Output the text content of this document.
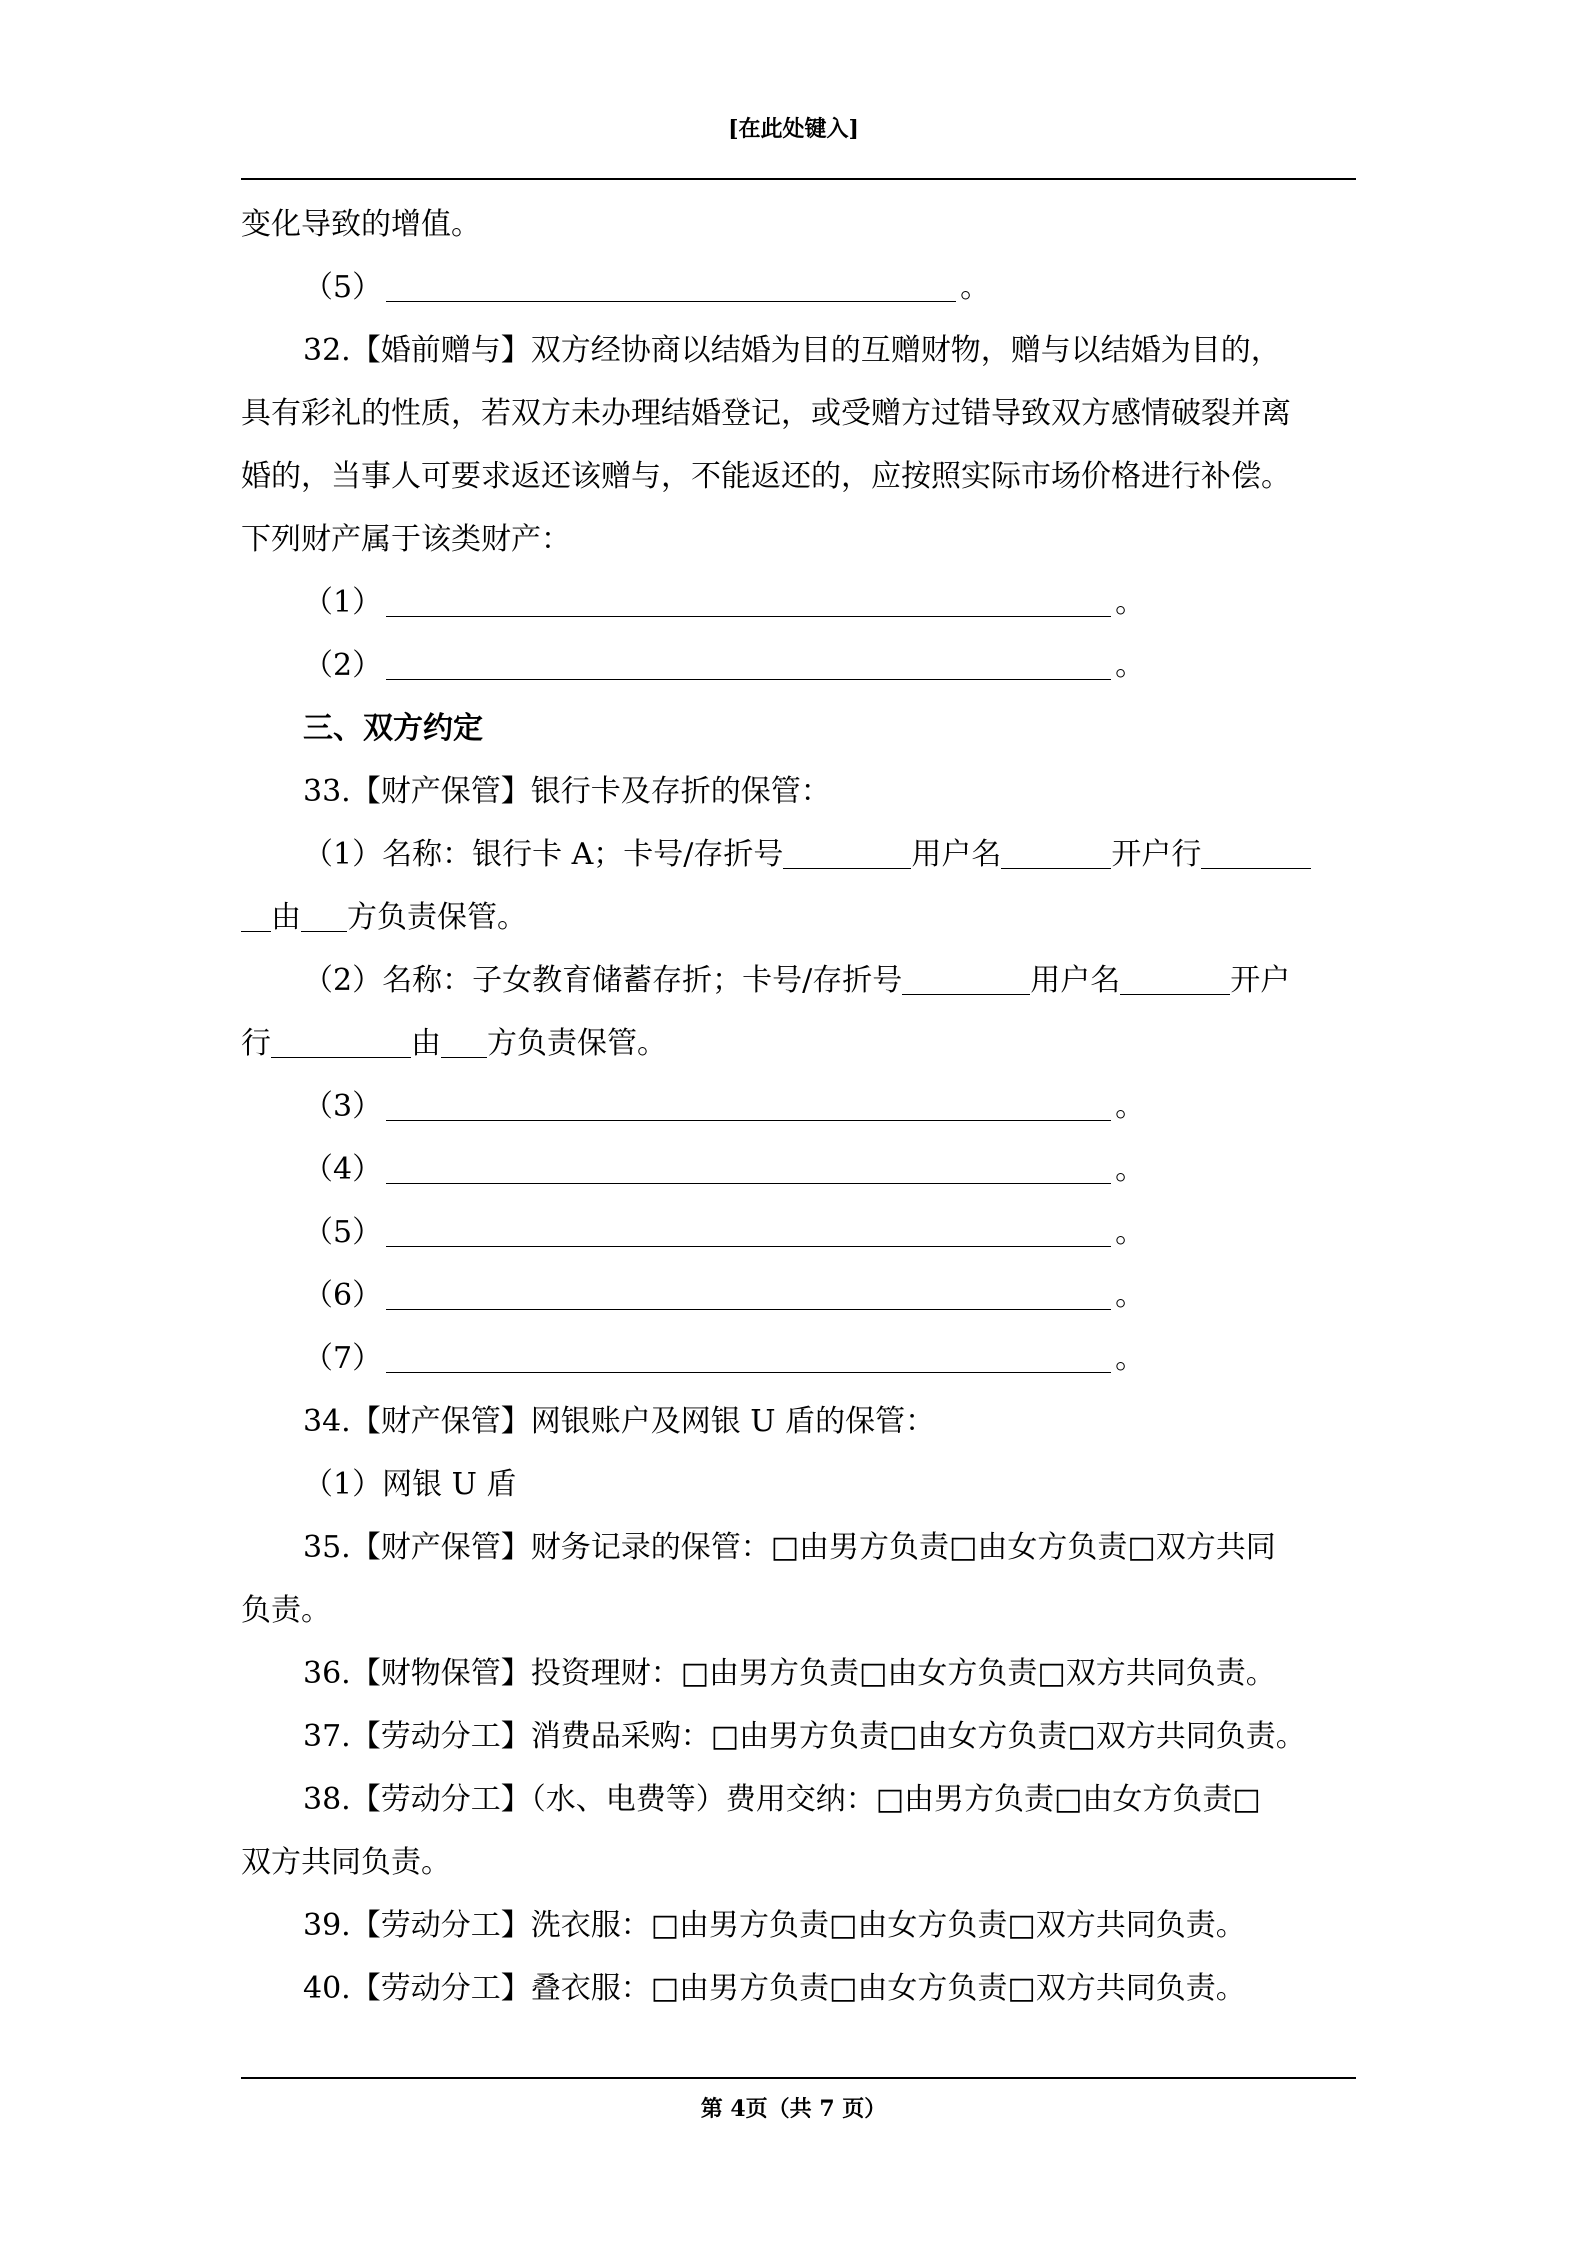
[在此处键入]
变化导致的增值。
（5）	。
32.【婚前赠与】双方经协商以结婚为目的互赠财物，赠与以结婚为目的，
具有彩礼的性质，若双方未办理结婚登记，或受赠方过错导致双方感情破裂并离
婚的，当事人可要求返还该赠与，不能返还的，应按照实际市场价格进行补偿。
下列财产属于该类财产：
（1）	。
（2）	。
三、双方约定
33.【财产保管】银行卡及存折的保管：
（1）名称：银行卡 A；卡号/存折号	用户名	开户行
由 方负责保管。
（2）名称：子女教育储蓄存折；卡号/存折号	用户名	开户
行	由 方负责保管。
（3）	。
（4）	。
（5）	。
（6）	。
（7）	。
34.【财产保管】网银账户及网银 U 盾的保管：
（1）网银 U 盾
35.【财产保管】财务记录的保管：□由男方负责□由女方负责□双方共同
负责。
36.【财物保管】投资理财：□由男方负责□由女方负责□双方共同负责。
37.【劳动分工】消费品采购：□由男方负责□由女方负责□双方共同负责。
38.【劳动分工】（水、电费等）费用交纳：□由男方负责□由女方负责□
双方共同负责。
39.【劳动分工】洗衣服：□由男方负责□由女方负责□双方共同负责。
40.【劳动分工】叠衣服：□由男方负责□由女方负责□双方共同负责。
第 4页（共 7 页）
